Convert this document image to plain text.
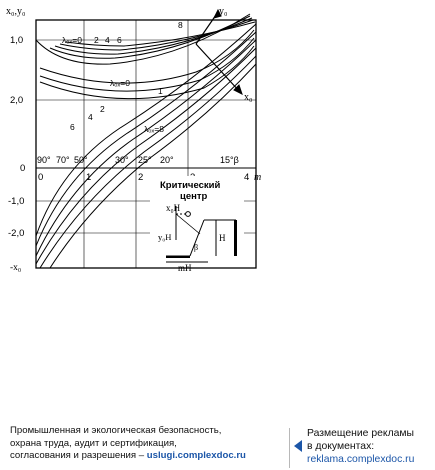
y₀
x₀
x₀,y₀
1,0
2,0
0
-1,0
-2,0
-x₀
0	1	2	4 m
90° 70° 50°	30° 25° 20°	15°β
λₒₓ=0 2 4 6
8
λₒₓ=0
1
2
4
6	λₒₓ=8
Критический
центр
x₀H
y₀H	H
mH
β
Промышленная и экологическая безопасность,
охрана труда, аудит и сертификация,
согласования и разрешения – uslugi.complexdoc.ru
Размещение рекламы
в документах:
reklama.complexdoc.ru
